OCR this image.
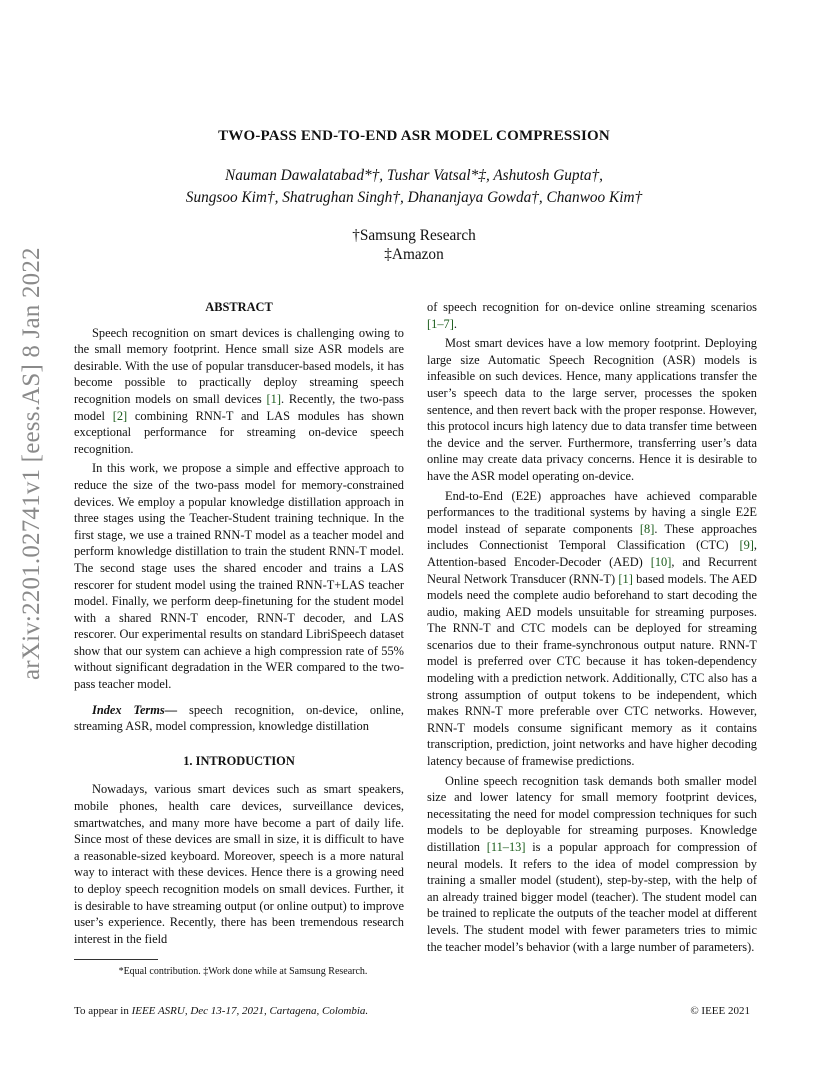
arXiv:2201.02741v1 [eess.AS] 8 Jan 2022
TWO-PASS END-TO-END ASR MODEL COMPRESSION
Nauman Dawalatabad*†, Tushar Vatsal*‡, Ashutosh Gupta†,
Sungsoo Kim†, Shatrughan Singh†, Dhananjaya Gowda†, Chanwoo Kim†
†Samsung Research
‡Amazon
ABSTRACT

Speech recognition on smart devices is challenging owing to the small memory footprint. Hence small size ASR models are desirable. With the use of popular transducer-based models, it has become possible to practically deploy streaming speech recognition models on small devices [1]. Recently, the two-pass model [2] combining RNN-T and LAS modules has shown exceptional performance for streaming on-device speech recognition.

In this work, we propose a simple and effective approach to reduce the size of the two-pass model for memory-constrained devices. We employ a popular knowledge distillation approach in three stages using the Teacher-Student training technique. In the first stage, we use a trained RNN-T model as a teacher model and perform knowledge distillation to train the student RNN-T model. The second stage uses the shared encoder and trains a LAS rescorer for student model using the trained RNN-T+LAS teacher model. Finally, we perform deep-finetuning for the student model with a shared RNN-T encoder, RNN-T decoder, and LAS rescorer. Our experimental results on standard LibriSpeech dataset show that our system can achieve a high compression rate of 55% without significant degradation in the WER compared to the two-pass teacher model.

Index Terms— speech recognition, on-device, online, streaming ASR, model compression, knowledge distillation

1. INTRODUCTION

Nowadays, various smart devices such as smart speakers, mobile phones, health care devices, surveillance devices, smartwatches, and many more have become a part of daily life. Since most of these devices are small in size, it is difficult to have a reasonable-sized keyboard. Moreover, speech is a more natural way to interact with these devices. Hence there is a growing need to deploy speech recognition models on small devices. Further, it is desirable to have streaming output (or online output) to improve user’s experience. Recently, there has been tremendous research interest in the field

of speech recognition for on-device online streaming scenarios [1–7].

Most smart devices have a low memory footprint. Deploying large size Automatic Speech Recognition (ASR) models is infeasible on such devices. Hence, many applications transfer the user’s speech data to the large server, processes the spoken sentence, and then revert back with the proper response. However, this protocol incurs high latency due to data transfer time between the device and the server. Furthermore, transferring user’s data online may create data privacy concerns. Hence it is desirable to have the ASR model operating on-device.

End-to-End (E2E) approaches have achieved comparable performances to the traditional systems by having a single E2E model instead of separate components [8]. These approaches includes Connectionist Temporal Classification (CTC) [9], Attention-based Encoder-Decoder (AED) [10], and Recurrent Neural Network Transducer (RNN-T) [1] based models. The AED models need the complete audio beforehand to start decoding the audio, making AED models unsuitable for streaming purposes. The RNN-T and CTC models can be deployed for streaming scenarios due to their frame-synchronous output nature. RNN-T model is preferred over CTC because it has token-dependency modeling with a prediction network. Additionally, CTC also has a strong assumption of output tokens to be independent, which makes RNN-T more preferable over CTC networks. However, RNN-T models consume significant memory as it contains transcription, prediction, joint networks and have higher decoding latency because of framewise predictions.

Online speech recognition task demands both smaller model size and lower latency for small memory footprint devices, necessitating the need for model compression techniques for such models to be deployable for streaming purposes. Knowledge distillation [11–13] is a popular approach for compression of neural models. It refers to the idea of model compression by training a smaller model (student), step-by-step, with the help of an already trained bigger model (teacher). The student model can be trained to replicate the outputs of the teacher model at different levels. The student model with fewer parameters tries to mimic the teacher model’s behavior (with a large number of parameters).

*Equal contribution. ‡Work done while at Samsung Research.
To appear in IEEE ASRU, Dec 13-17, 2021, Cartagena, Colombia.	© IEEE 2021
